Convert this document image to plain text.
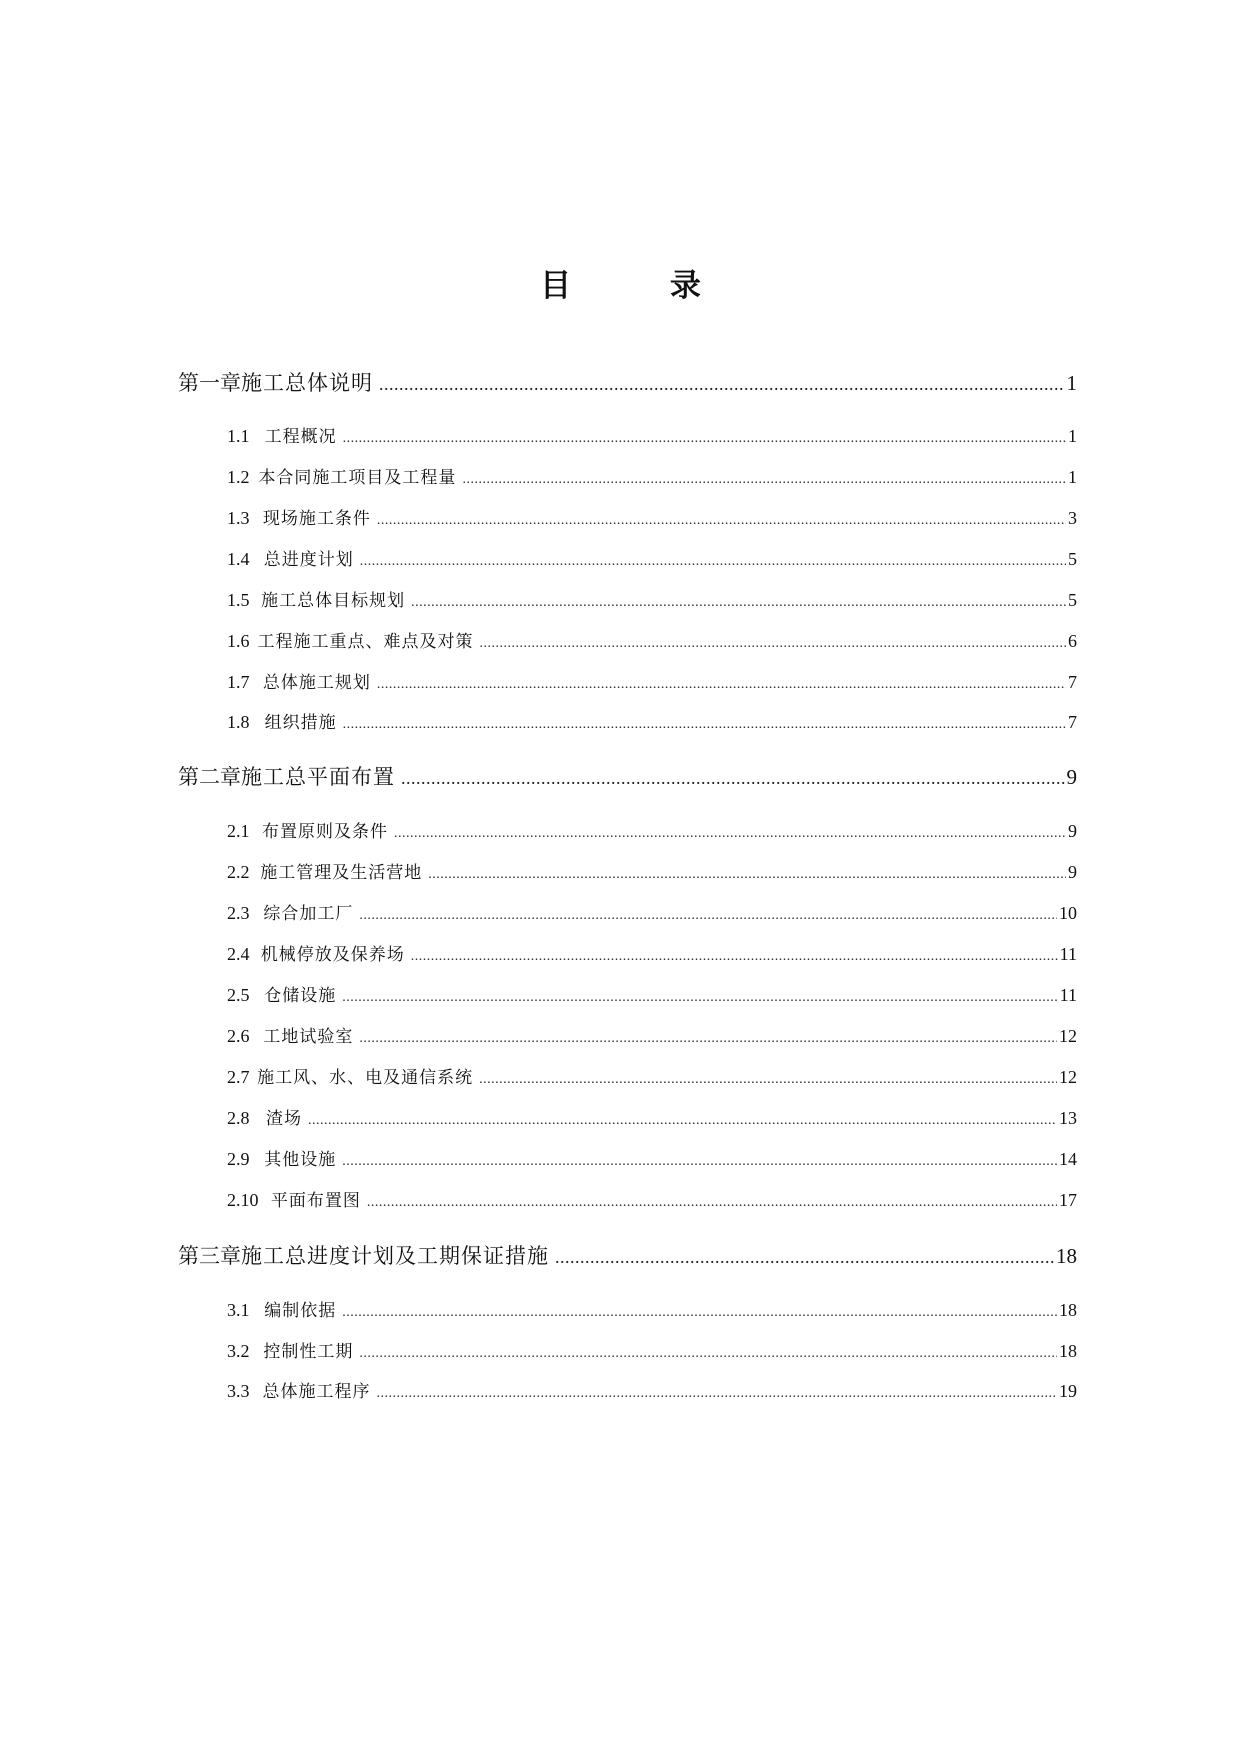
目 录
第一章 施工总体说明 .....	1
1.1 工程概况 .....	1
1.2 本合同施工项目及工程量 .....	1
1.3 现场施工条件 .....	3
1.4 总进度计划 .....	5
1.5 施工总体目标规划 .....	5
1.6 工程施工重点、难点及对策 .....	6
1.7 总体施工规划 .....	7
1.8 组织措施 .....	7
第二章 施工总平面布置 .....	9
2.1 布置原则及条件 .....	9
2.2 施工管理及生活营地 .....	9
2.3 综合加工厂 .....	10
2.4 机械停放及保养场 .....	11
2.5 仓储设施 .....	11
2.6 工地试验室 .....	12
2.7 施工风、水、电及通信系统 .....	12
2.8 渣场 .....	13
2.9 其他设施 .....	14
2.10 平面布置图 .....	17
第三章 施工总进度计划及工期保证措施 .....	18
3.1 编制依据 .....	18
3.2 控制性工期 .....	18
3.3 总体施工程序 .....	19
